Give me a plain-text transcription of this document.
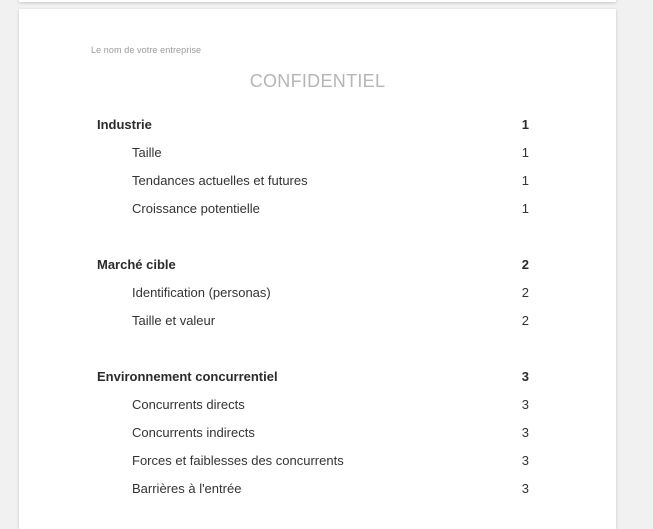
Le nom de votre entreprise
CONFIDENTIEL
Industrie	1
Taille	1
Tendances actuelles et futures	1
Croissance potentielle	1
Marché cible	2
Identification (personas)	2
Taille et valeur	2
Environnement concurrentiel	3
Concurrents directs	3
Concurrents indirects	3
Forces et faiblesses des concurrents	3
Barrières à l'entrée	3
